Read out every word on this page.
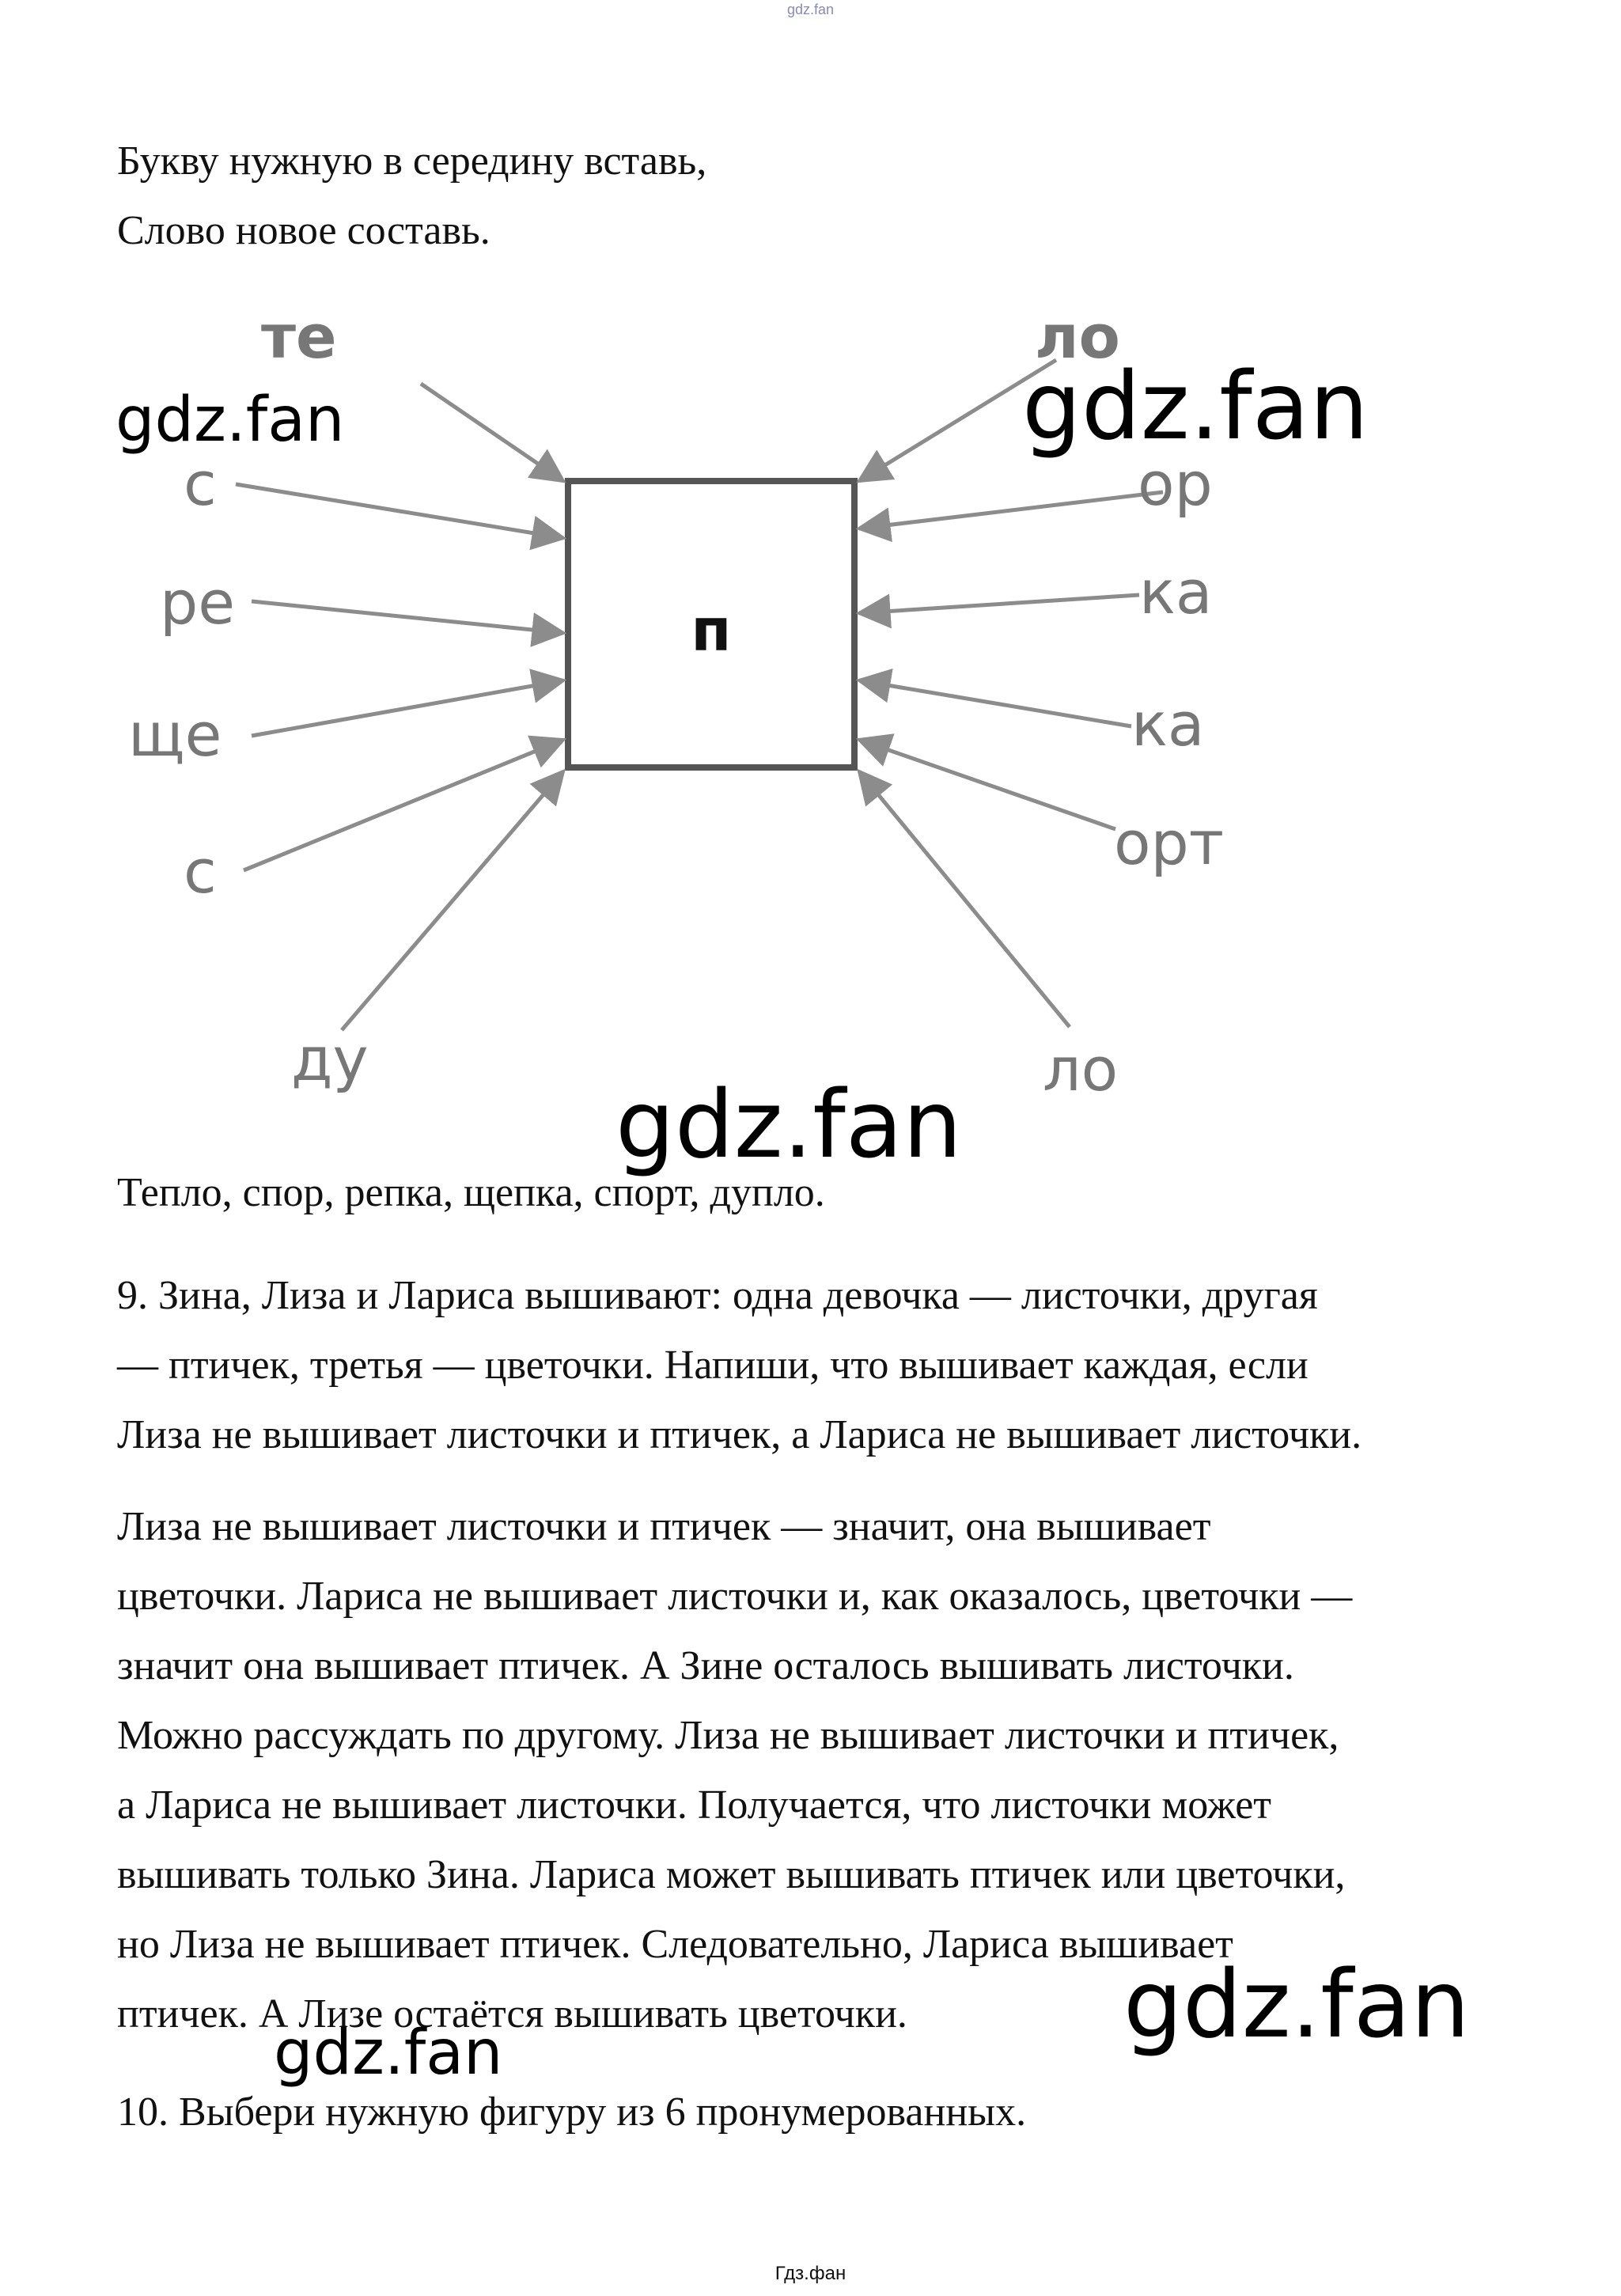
gdz.fan
Букву нужную в середину вставь,
Слово новое составь.
п
те
с
ре
ще
с
ду
ло
ор
ка
ка
орт
ло
Тепло, спор, репка, щепка, спорт, дупло.
9. Зина, Лиза и Лариса вышивают: одна девочка — листочки, другая
— птичек, третья — цветочки. Напиши, что вышивает каждая, если
Лиза не вышивает листочки и птичек, а Лариса не вышивает листочки.
Лиза не вышивает листочки и птичек — значит, она вышивает
цветочки. Лариса не вышивает листочки и, как оказалось, цветочки —
значит она вышивает птичек. А Зине осталось вышивать листочки.
Можно рассуждать по другому. Лиза не вышивает листочки и птичек,
а Лариса не вышивает листочки. Получается, что листочки может
вышивать только Зина. Лариса может вышивать птичек или цветочки,
но Лиза не вышивает птичек. Следовательно, Лариса вышивает
птичек. А Лизе остаётся вышивать цветочки.
10. Выбери нужную фигуру из 6 пронумерованных.
gdz.fan	gdz.fan
gdz.fan
gdz.fan
gdz.fan
Гдз.фан
